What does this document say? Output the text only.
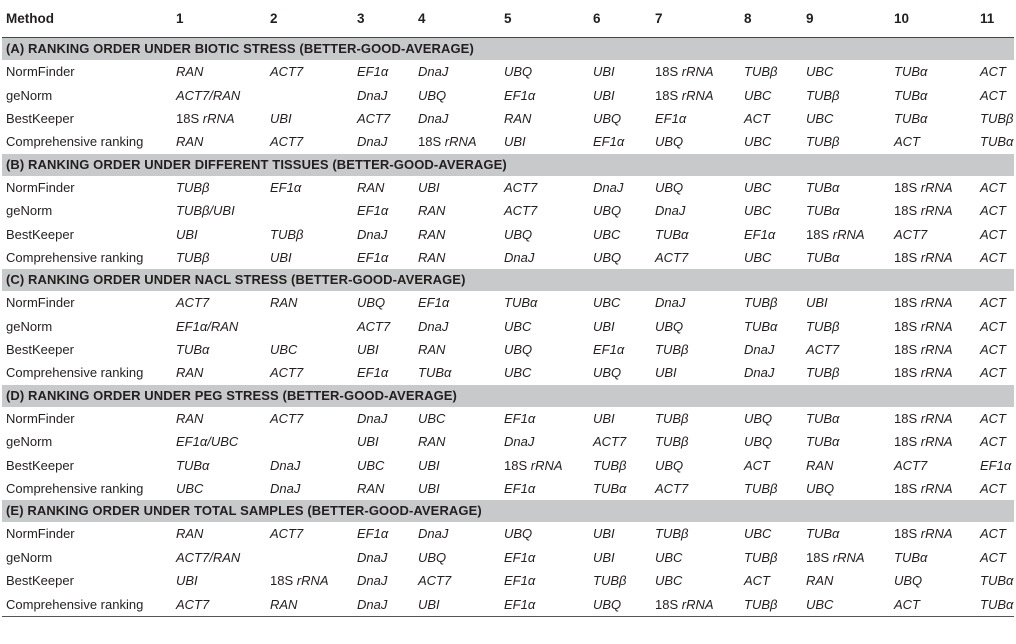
Method	1	2	3	4	5	6	7	8	9	10	11
(A) RANKING ORDER UNDER BIOTIC STRESS (BETTER-GOOD-AVERAGE)											
NormFinder	RAN	ACT7	EF1α	DnaJ	UBQ	UBI	18S rRNA	TUBβ	UBC	TUBα	ACT
geNorm	ACT7/RAN		DnaJ	UBQ	EF1α	UBI	18S rRNA	UBC	TUBβ	TUBα	ACT
BestKeeper	18S rRNA	UBI	ACT7	DnaJ	RAN	UBQ	EF1α	ACT	UBC	TUBα	TUBβ
Comprehensive ranking	RAN	ACT7	DnaJ	18S rRNA	UBI	EF1α	UBQ	UBC	TUBβ	ACT	TUBα
(B) RANKING ORDER UNDER DIFFERENT TISSUES (BETTER-GOOD-AVERAGE)											
NormFinder	TUBβ	EF1α	RAN	UBI	ACT7	DnaJ	UBQ	UBC	TUBα	18S rRNA	ACT
geNorm	TUBβ/UBI		EF1α	RAN	ACT7	UBQ	DnaJ	UBC	TUBα	18S rRNA	ACT
BestKeeper	UBI	TUBβ	DnaJ	RAN	UBQ	UBC	TUBα	EF1α	18S rRNA	ACT7	ACT
Comprehensive ranking	TUBβ	UBI	EF1α	RAN	DnaJ	UBQ	ACT7	UBC	TUBα	18S rRNA	ACT
(C) RANKING ORDER UNDER NACL STRESS (BETTER-GOOD-AVERAGE)											
NormFinder	ACT7	RAN	UBQ	EF1α	TUBα	UBC	DnaJ	TUBβ	UBI	18S rRNA	ACT
geNorm	EF1α/RAN		ACT7	DnaJ	UBC	UBI	UBQ	TUBα	TUBβ	18S rRNA	ACT
BestKeeper	TUBα	UBC	UBI	RAN	UBQ	EF1α	TUBβ	DnaJ	ACT7	18S rRNA	ACT
Comprehensive ranking	RAN	ACT7	EF1α	TUBα	UBC	UBQ	UBI	DnaJ	TUBβ	18S rRNA	ACT
(D) RANKING ORDER UNDER PEG STRESS (BETTER-GOOD-AVERAGE)											
NormFinder	RAN	ACT7	DnaJ	UBC	EF1α	UBI	TUBβ	UBQ	TUBα	18S rRNA	ACT
geNorm	EF1α/UBC		UBI	RAN	DnaJ	ACT7	TUBβ	UBQ	TUBα	18S rRNA	ACT
BestKeeper	TUBα	DnaJ	UBC	UBI	18S rRNA	TUBβ	UBQ	ACT	RAN	ACT7	EF1α
Comprehensive ranking	UBC	DnaJ	RAN	UBI	EF1α	TUBα	ACT7	TUBβ	UBQ	18S rRNA	ACT
(E) RANKING ORDER UNDER TOTAL SAMPLES (BETTER-GOOD-AVERAGE)											
NormFinder	RAN	ACT7	EF1α	DnaJ	UBQ	UBI	TUBβ	UBC	TUBα	18S rRNA	ACT
geNorm	ACT7/RAN		DnaJ	UBQ	EF1α	UBI	UBC	TUBβ	18S rRNA	TUBα	ACT
BestKeeper	UBI	18S rRNA	DnaJ	ACT7	EF1α	TUBβ	UBC	ACT	RAN	UBQ	TUBα
Comprehensive ranking	ACT7	RAN	DnaJ	UBI	EF1α	UBQ	18S rRNA	TUBβ	UBC	ACT	TUBα
